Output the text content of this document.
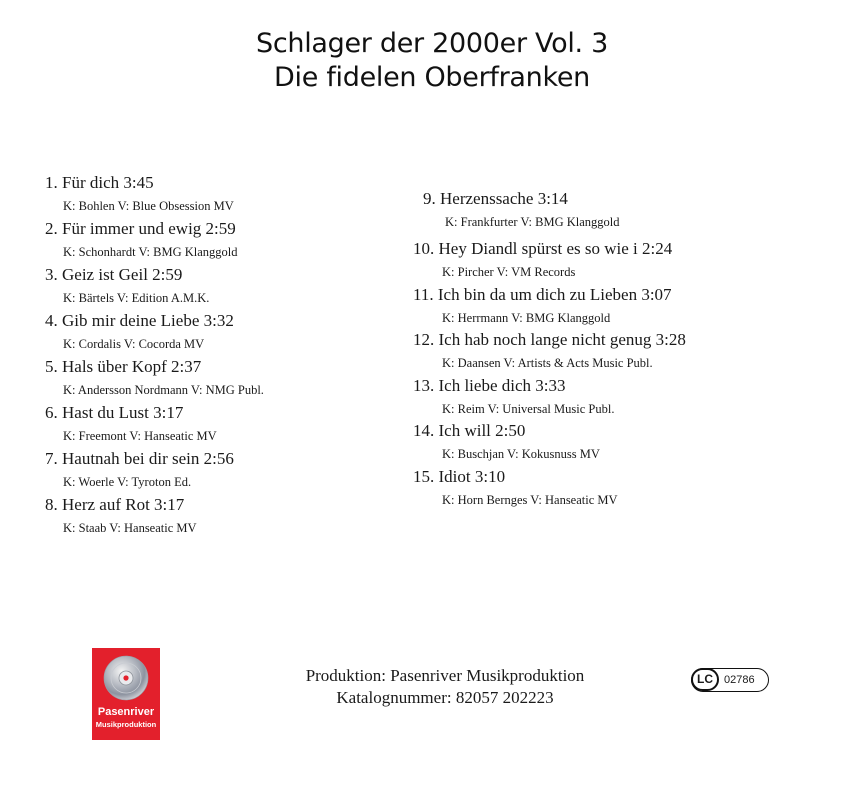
Schlager der 2000er Vol. 3
Die fidelen Oberfranken
1. Für dich 3:45
K: Bohlen V: Blue Obsession MV
2. Für immer und ewig 2:59
K: Schonhardt V: BMG Klanggold
3. Geiz ist Geil 2:59
K: Bärtels V: Edition A.M.K.
4. Gib mir deine Liebe 3:32
K: Cordalis V: Cocorda MV
5. Hals über Kopf 2:37
K: Andersson Nordmann V: NMG Publ.
6. Hast du Lust 3:17
K: Freemont V: Hanseatic MV
7. Hautnah bei dir sein 2:56
K: Woerle V: Tyroton Ed.
8. Herz auf Rot 3:17
K: Staab V: Hanseatic MV
9. Herzenssache 3:14
K: Frankfurter V: BMG Klanggold
10. Hey Diandl spürst es so wie i 2:24
K: Pircher V: VM Records
11. Ich bin da um dich zu Lieben 3:07
K: Herrmann V: BMG Klanggold
12. Ich hab noch lange nicht genug 3:28
K: Daansen V: Artists & Acts Music Publ.
13. Ich liebe dich 3:33
K: Reim V: Universal Music Publ.
14. Ich will 2:50
K: Buschjan V: Kokusnuss MV
15. Idiot 3:10
K: Horn Bernges V: Hanseatic MV
Pasenriver
Musikproduktion
Produktion: Pasenriver Musikproduktion
Katalognummer: 82057 202223
LC	02786
